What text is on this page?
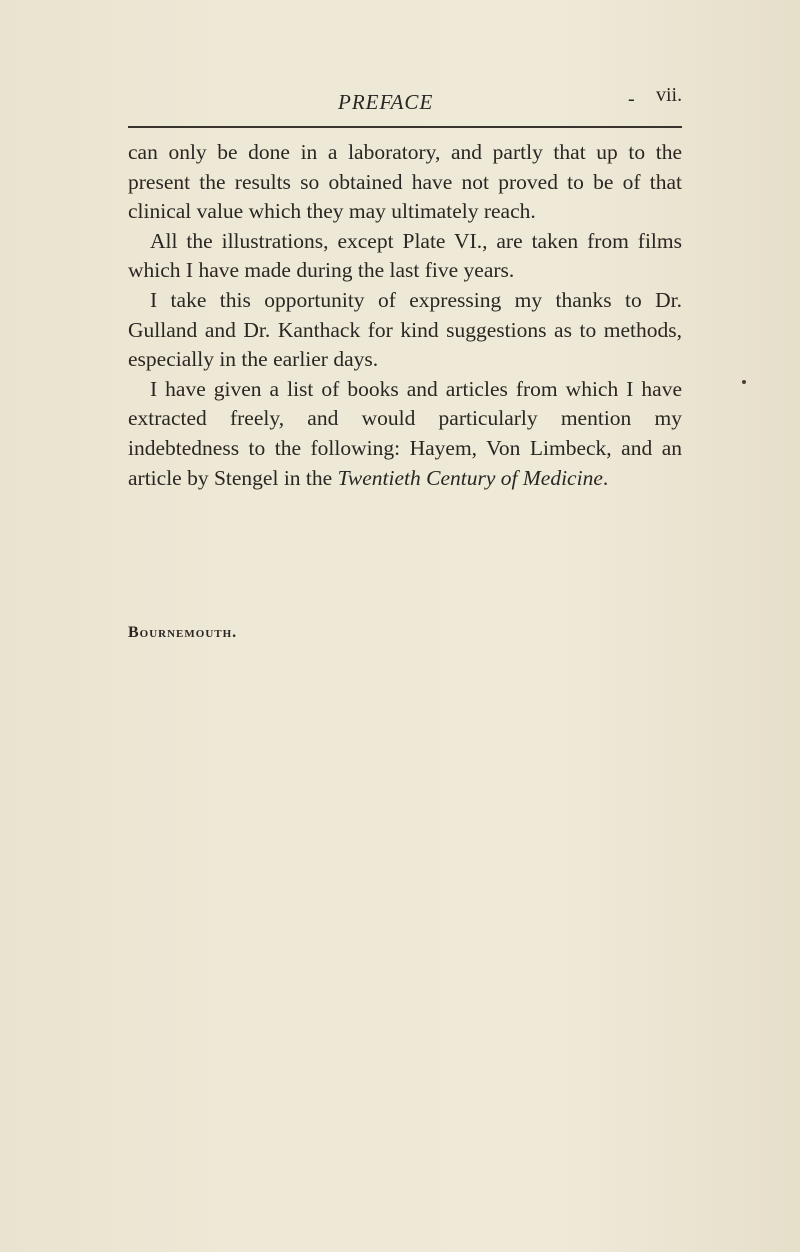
PREFACE	vii.
-

can only be done in a laboratory, and partly that up to the present the results so obtained have not proved to be of that clinical value which they may ultimately reach.

All the illustrations, except Plate VI., are taken from films which I have made during the last five years.

I take this opportunity of expressing my thanks to Dr. Gulland and Dr. Kanthack for kind suggestions as to methods, especially in the earlier days.

I have given a list of books and articles from which I have extracted freely, and would particularly mention my indebtedness to the following: Hayem, Von Limbeck, and an article by Stengel in the Twentieth Century of Medicine.

Bournemouth.
